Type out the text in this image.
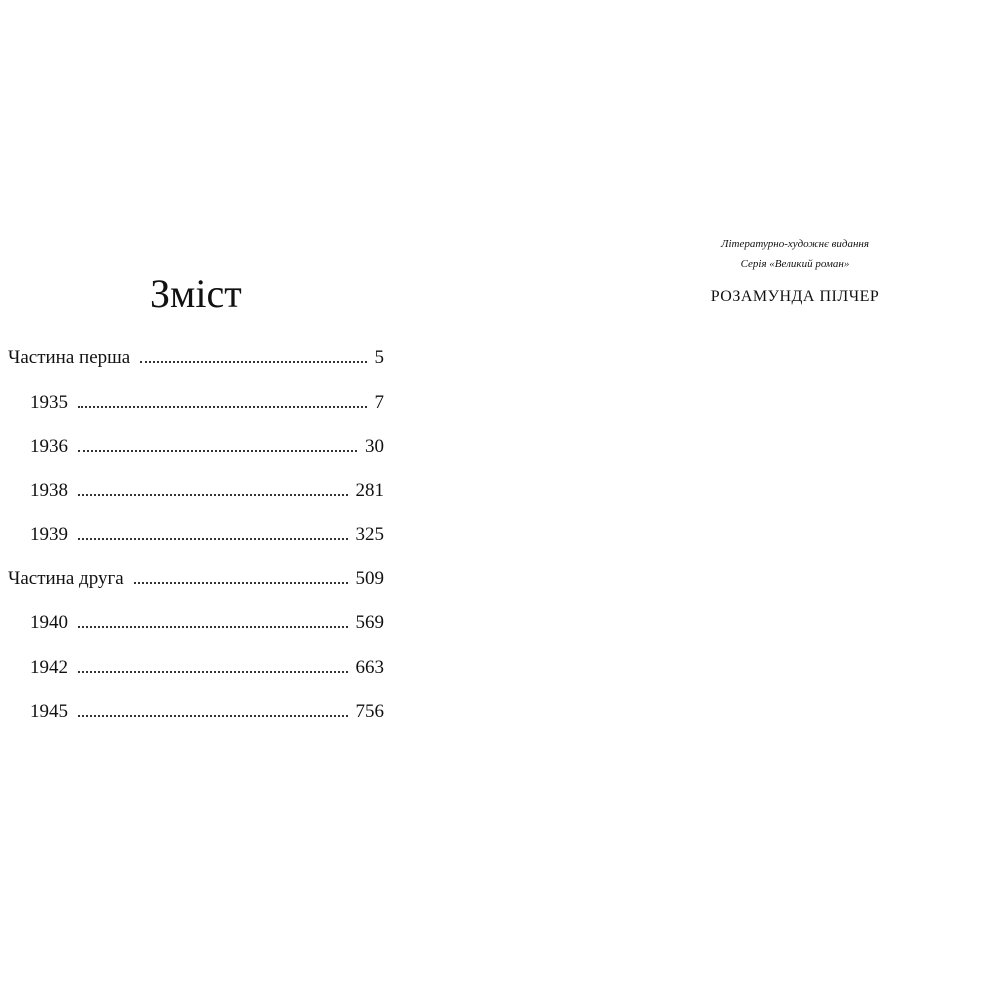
Зміст
Частина перша	5
1935	7
1936	30
1938	281
1939	325
Частина друга	509
1940	569
1942	663
1945	756
Літературно-художнє видання
Серія «Великий роман»
РОЗАМУНДА ПІЛЧЕР
